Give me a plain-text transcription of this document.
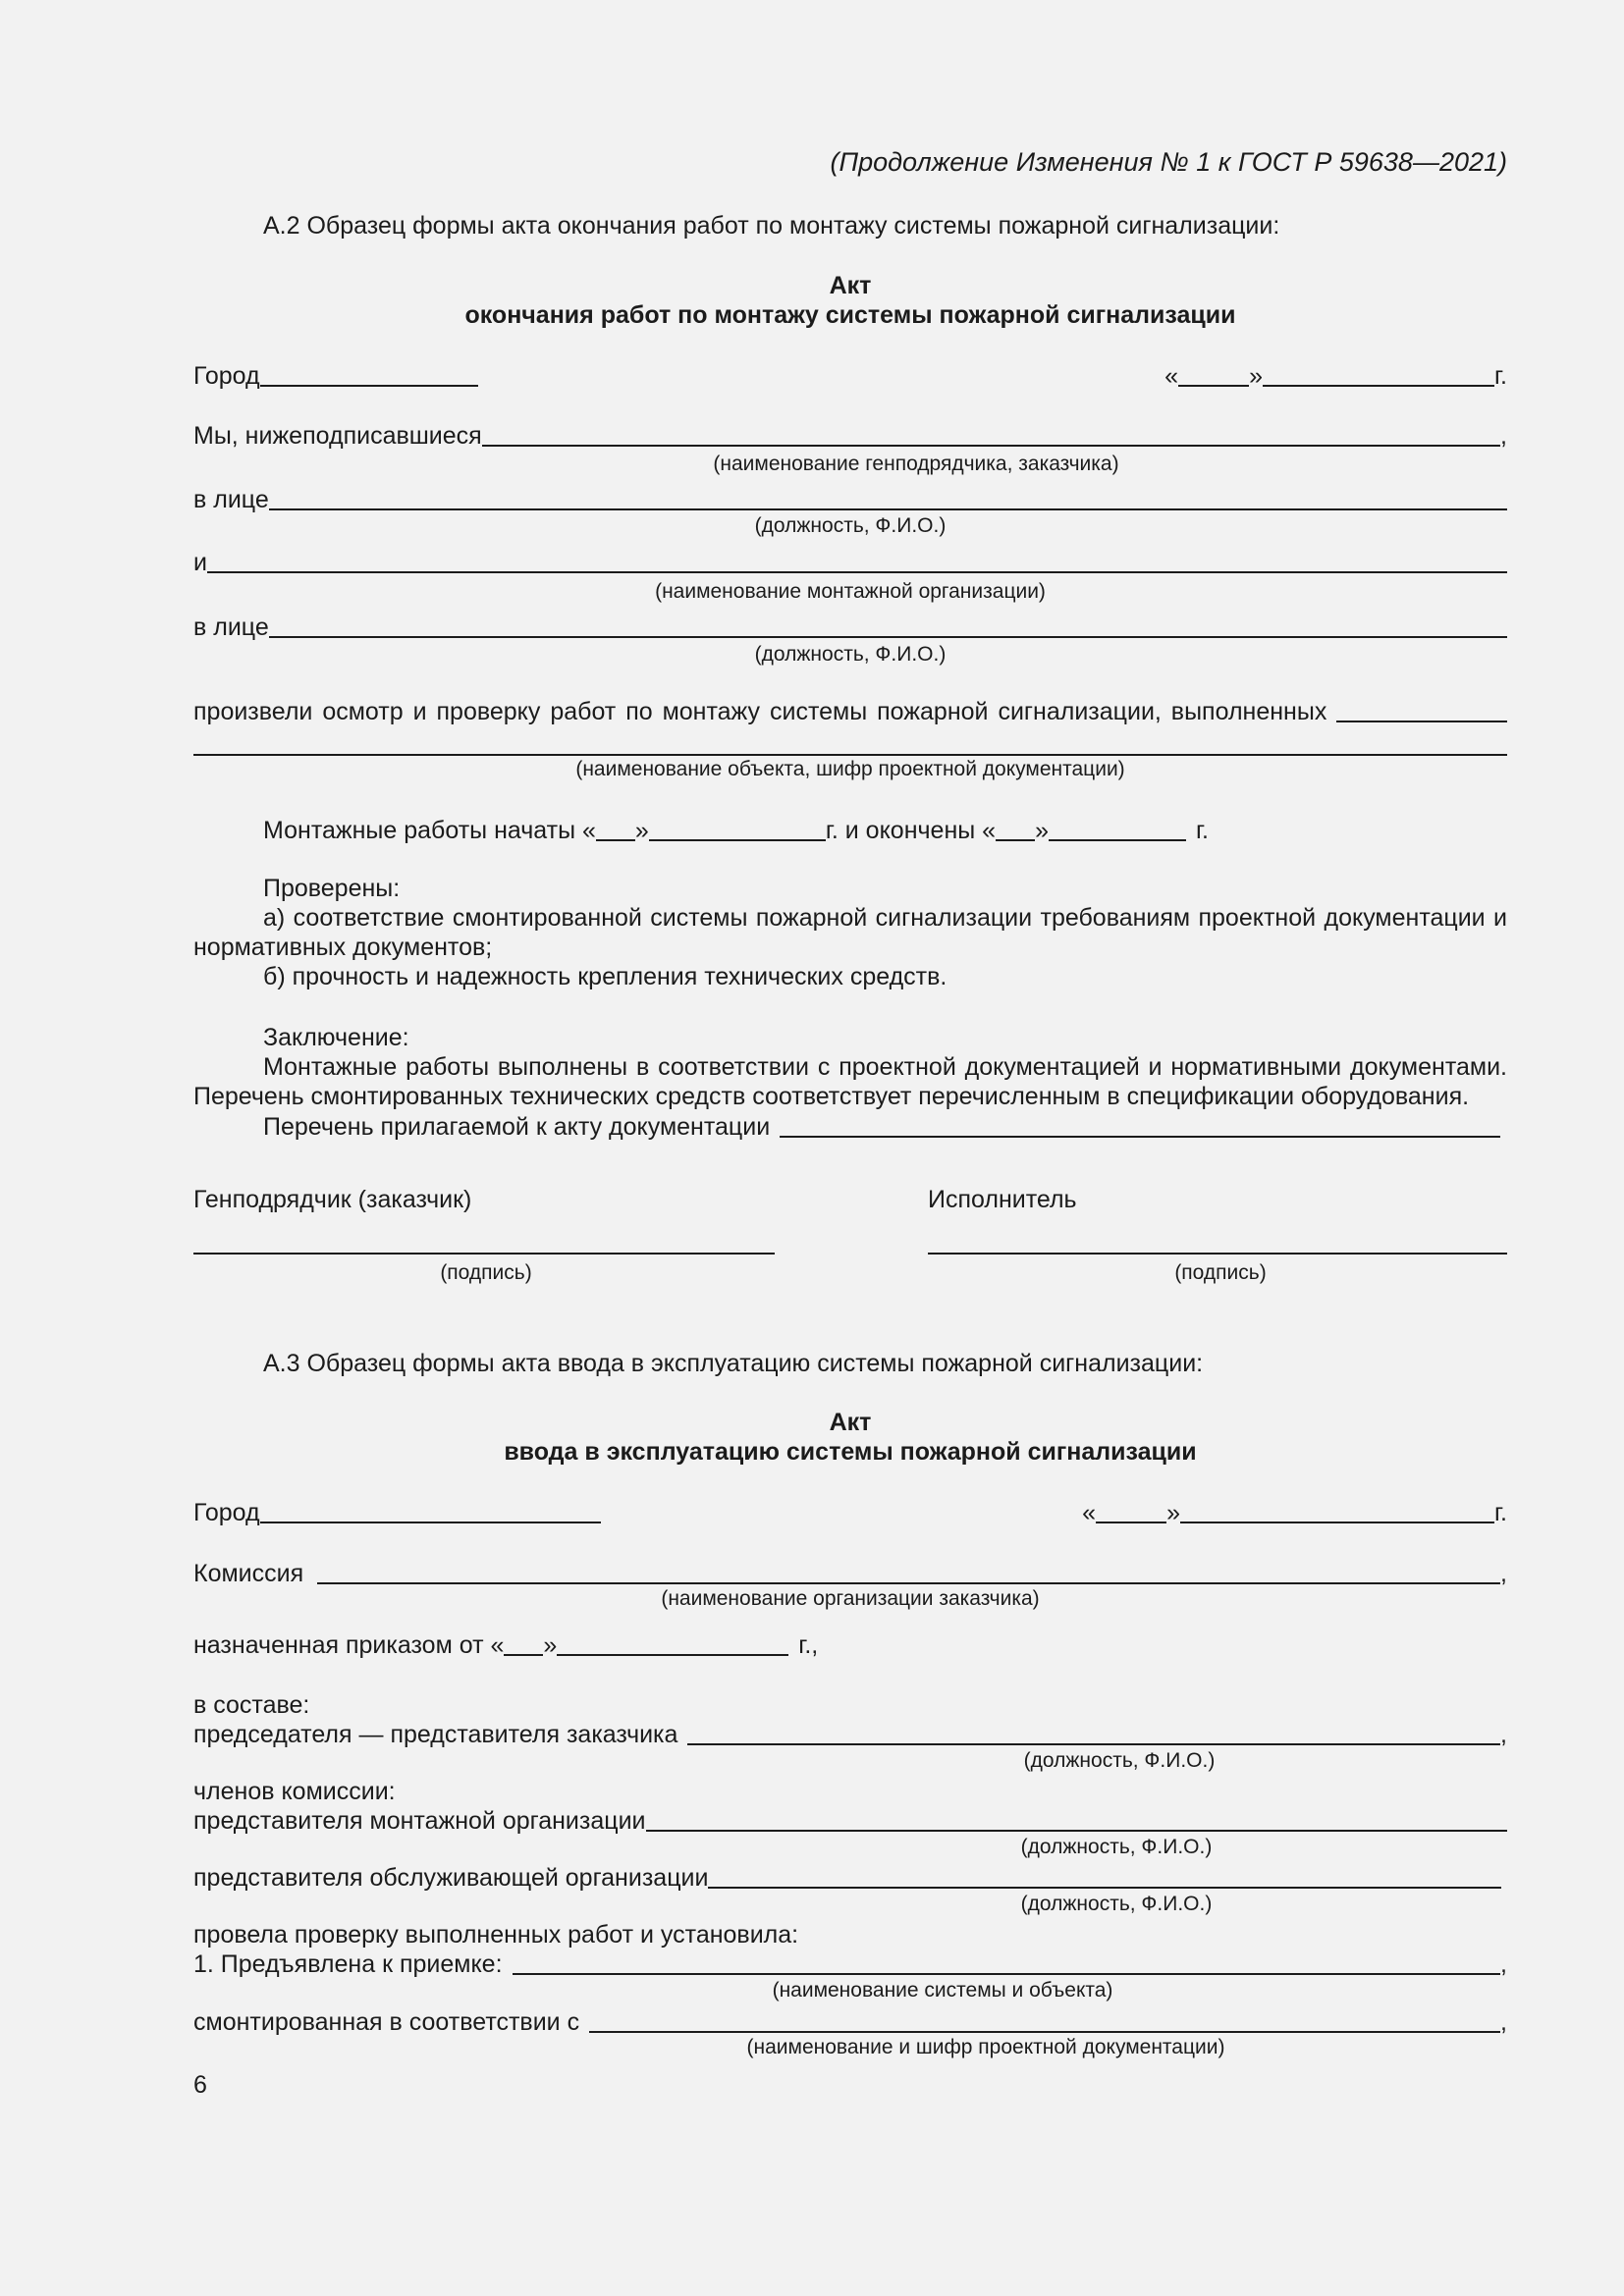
(Продолжение Изменения № 1 к ГОСТ Р 59638—2021)
А.2 Образец формы акта окончания работ по монтажу системы пожарной сигнализации:
Акт
окончания работ по монтажу системы пожарной сигнализации
Город	«	»	г.
Мы, нижеподписавшиеся	,
(наименование генподрядчика, заказчика)
в лице
(должность, Ф.И.О.)
и
(наименование монтажной организации)
в лице
(должность, Ф.И.О.)
произвели осмотр и проверку работ по монтажу системы пожарной сигнализации, выполненных
(наименование объекта, шифр проектной документации)
Монтажные работы начаты « »	г. и окончены « »	г.
Проверены:
а) соответствие смонтированной системы пожарной сигнализации требованиям проектной документации и нормативных документов;
б) прочность и надежность крепления технических средств.
Заключение:
Монтажные работы выполнены в соответствии с проектной документацией и нормативными документами. Перечень смонтированных технических средств соответствует перечисленным в спецификации оборудования.
Перечень прилагаемой к акту документации
Генподрядчик (заказчик)	Исполнитель
(подпись)	(подпись)
А.3 Образец формы акта ввода в эксплуатацию системы пожарной сигнализации:
Акт
ввода в эксплуатацию системы пожарной сигнализации
Город	«	»	г.
Комиссия	,
(наименование организации заказчика)
назначенная приказом от « »	г.,
в составе:
председателя — представителя заказчика	,
(должность, Ф.И.О.)
членов комиссии:
представителя монтажной организации
(должность, Ф.И.О.)
представителя обслуживающей организации
(должность, Ф.И.О.)
провела проверку выполненных работ и установила:
1. Предъявлена к приемке:	,
(наименование системы и объекта)
смонтированная в соответствии с	,
(наименование и шифр проектной документации)
6
